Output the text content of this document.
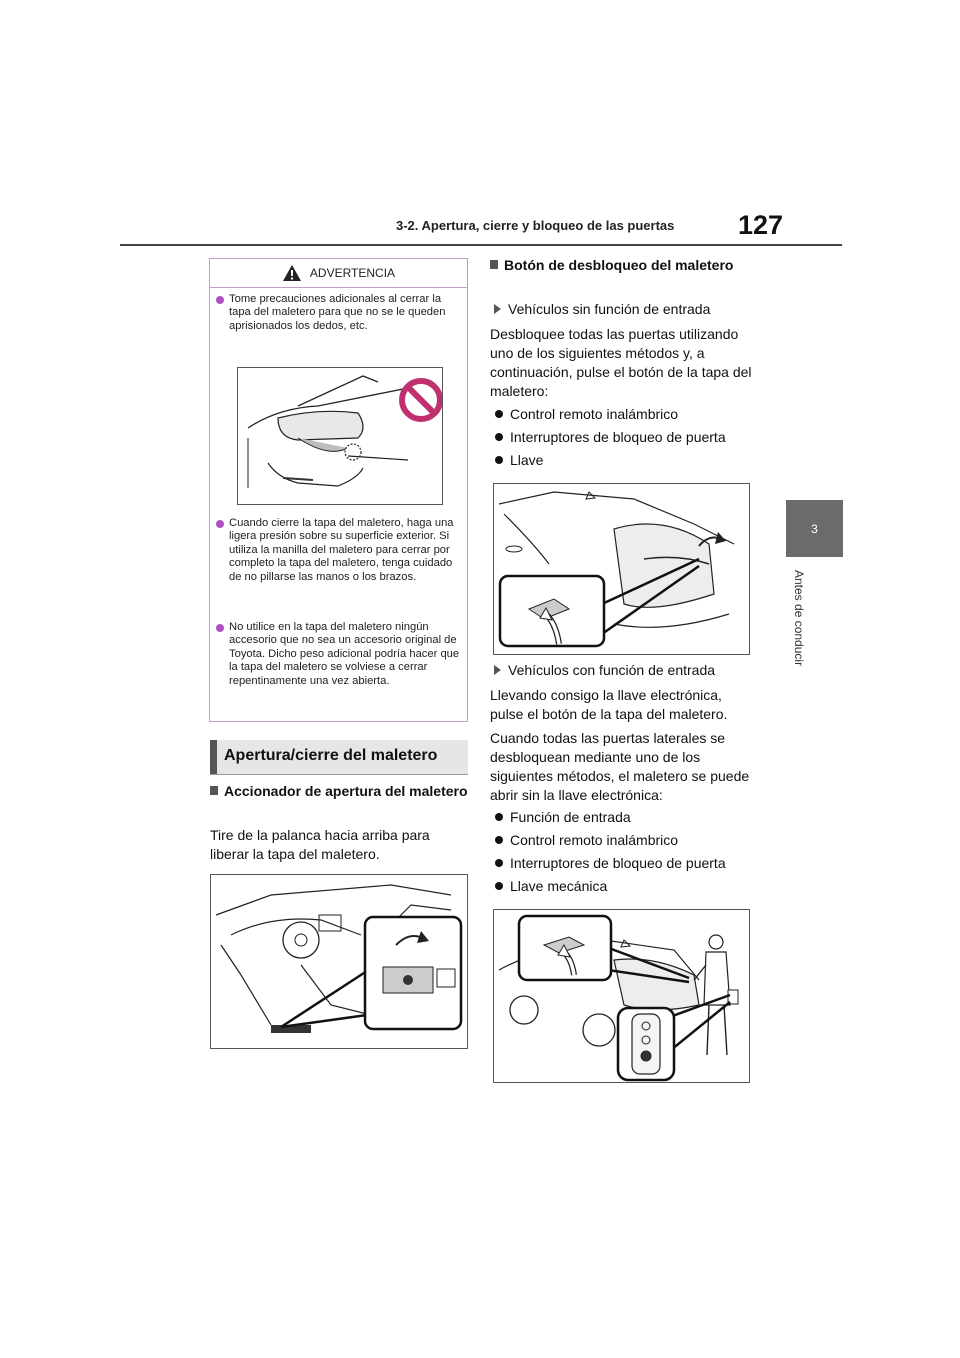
3-2. Apertura, cierre y bloqueo de las puertas 127
3
Antes de conducir
ADVERTENCIA
Tome precauciones adicionales al cerrar la tapa del maletero para que no se le queden aprisionados los dedos, etc.
Cuando cierre la tapa del maletero, haga una ligera presión sobre su superficie exterior. Si utiliza la manilla del maletero para cerrar por completo la tapa del maletero, tenga cuidado de no pillarse las manos o los brazos.
No utilice en la tapa del maletero ningún accesorio que no sea un accesorio original de Toyota. Dicho peso adicional podría hacer que la tapa del maletero se volviese a cerrar repentinamente una vez abierta.
Apertura/cierre del maletero
Accionador de apertura del maletero
Tire de la palanca hacia arriba para liberar la tapa del maletero.
Botón de desbloqueo del maletero
Vehículos sin función de entrada
Desbloquee todas las puertas utilizando uno de los siguientes métodos y, a continuación, pulse el botón de la tapa del maletero:
Control remoto inalámbrico
Interruptores de bloqueo de puerta
Llave
Vehículos con función de entrada
Llevando consigo la llave electrónica, pulse el botón de la tapa del maletero.
Cuando todas las puertas laterales se desbloquean mediante uno de los siguientes métodos, el maletero se puede abrir sin la llave electrónica:
Función de entrada
Control remoto inalámbrico
Interruptores de bloqueo de puerta
Llave mecánica
